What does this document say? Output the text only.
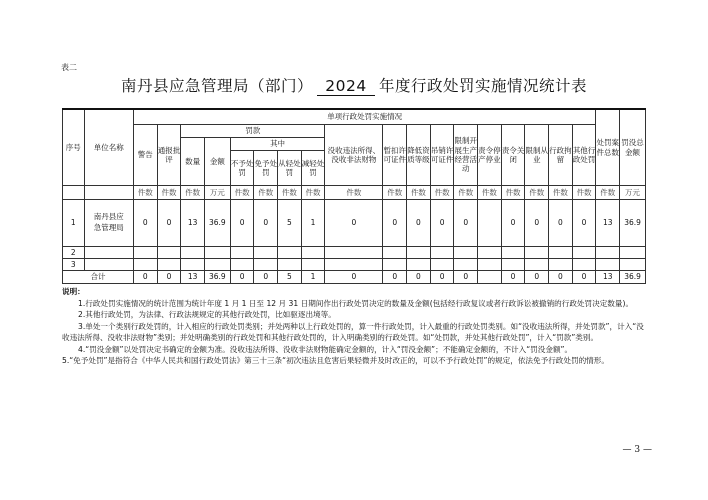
表二
南丹县应急管理局（部门） 2024 年度行政处罚实施情况统计表
序号	单位名称	单项行政处罚实施情况																		处罚案件总数	罚没总金额
		警告	通报批评	罚款						没收违法所得、没收非法财物	暂扣许可证件	降低资质等级	吊销许可证件	限制开展生产经营活动	责令停产停业	责令关闭	限制从业	行政拘留	其他行政处罚		
				数量	金额	其中															
						不予处罚	免予处罚	从轻处罚	减轻处罚												
		件数	件数	件数	万元	件数	件数	件数	件数	件数	件数	件数	件数	件数	件数	件数	件数	件数	件数	件数	万元
1	南丹县应急管理局	0	0	13	36.9	0	0	5	1	0	0	0	0	0		0	0	0	0	13	36.9
2																					
3																					
合计		0	0	13	36.9	0	0	5	1	0	0	0	0	0		0	0	0	0	13	36.9

说明：

1.行政处罚实施情况的统计范围为统计年度 1 月 1 日至 12 月 31 日期间作出行政处罚决定的数量及金额(包括经行政复议或者行政诉讼被撤销的行政处罚决定数量)。

2.其他行政处罚，为法律、行政法规规定的其他行政处罚，比如驱逐出境等。

3.单处一个类别行政处罚的，计入相应的行政处罚类别；并处两种以上行政处罚的，算一件行政处罚，计入最重的行政处罚类别。如“没收违法所得，并处罚款”，计入“没收违法所得、没收非法财物”类别；并处明确类别的行政处罚和其他行政处罚的，计入明确类别的行政处罚。如“处罚款，并处其他行政处罚”，计入“罚款”类别。

4.“罚没金额”以处罚决定书确定的金额为准。没收违法所得、没收非法财物能确定金额的，计入“罚没金额”；不能确定金额的，不计入“罚没金额”。

5.“免予处罚”是指符合《中华人民共和国行政处罚法》第三十三条“初次违法且危害后果轻微并及时改正的，可以不予行政处罚”的规定，依法免予行政处罚的情形。

— 3 —
